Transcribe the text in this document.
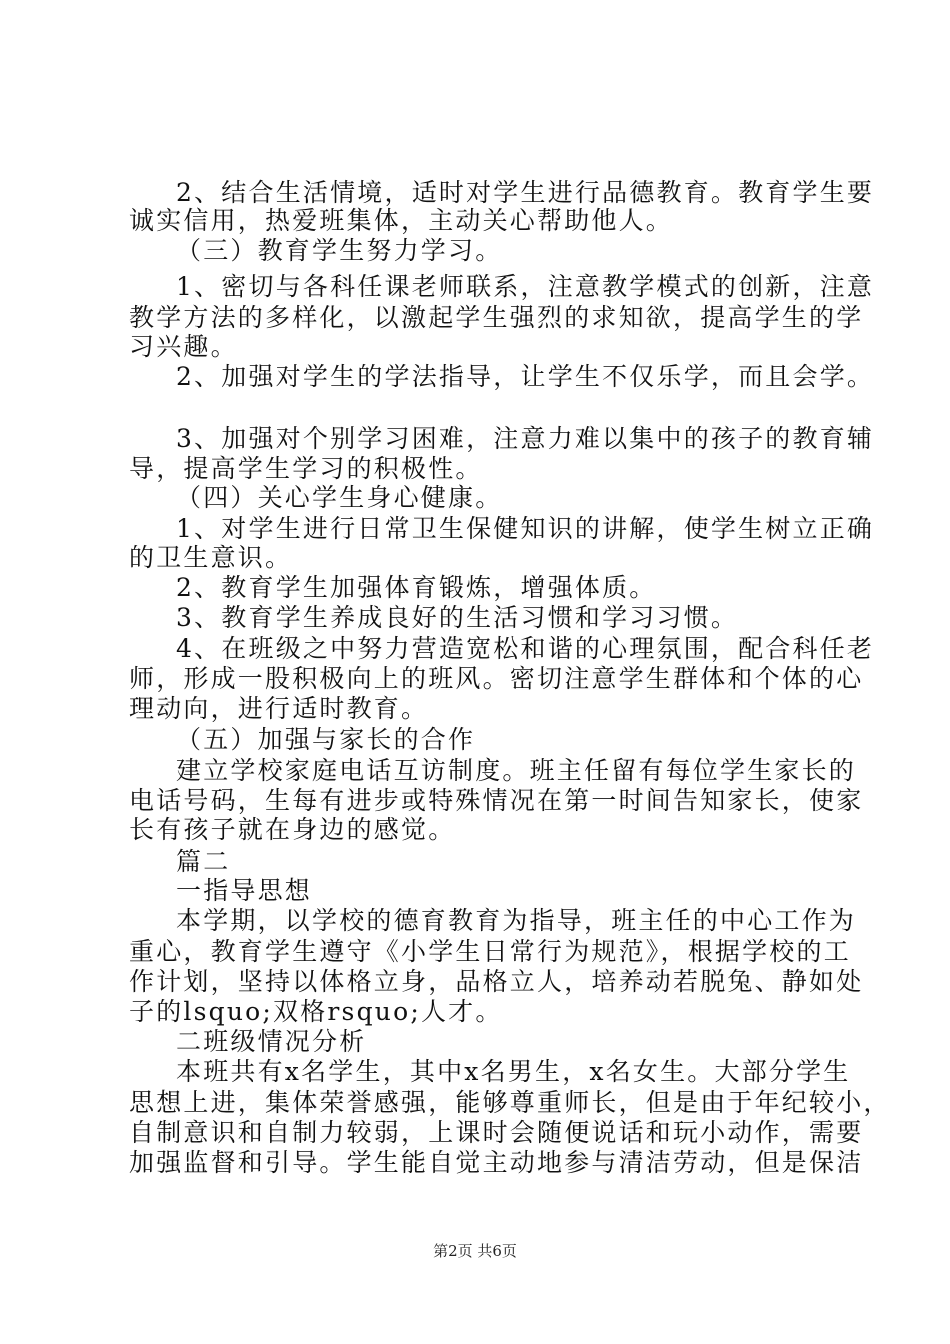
2、结合生活情境，适时对学生进行品德教育。教育学生要
诚实信用，热爱班集体，主动关心帮助他人。
（三）教育学生努力学习。
1、密切与各科任课老师联系，注意教学模式的创新，注意
教学方法的多样化，以激起学生强烈的求知欲，提高学生的学
习兴趣。
2、加强对学生的学法指导，让学生不仅乐学，而且会学。
3、加强对个别学习困难，注意力难以集中的孩子的教育辅
导，提高学生学习的积极性。
（四）关心学生身心健康。
1、对学生进行日常卫生保健知识的讲解，使学生树立正确
的卫生意识。
2、教育学生加强体育锻炼，增强体质。
3、教育学生养成良好的生活习惯和学习习惯。
4、在班级之中努力营造宽松和谐的心理氛围，配合科任老
师，形成一股积极向上的班风。密切注意学生群体和个体的心
理动向，进行适时教育。
（五）加强与家长的合作
建立学校家庭电话互访制度。班主任留有每位学生家长的
电话号码，生每有进步或特殊情况在第一时间告知家长，使家
长有孩子就在身边的感觉。
篇二
一指导思想
本学期，以学校的德育教育为指导，班主任的中心工作为
重心，教育学生遵守《小学生日常行为规范》，根据学校的工
作计划，坚持以体格立身，品格立人，培养动若脱兔、静如处
子的lsquo;双格rsquo;人才。
二班级情况分析
本班共有x名学生，其中x名男生，x名女生。大部分学生
思想上进，集体荣誉感强，能够尊重师长，但是由于年纪较小，
自制意识和自制力较弱，上课时会随便说话和玩小动作，需要
加强监督和引导。学生能自觉主动地参与清洁劳动，但是保洁
第2页 共6页
